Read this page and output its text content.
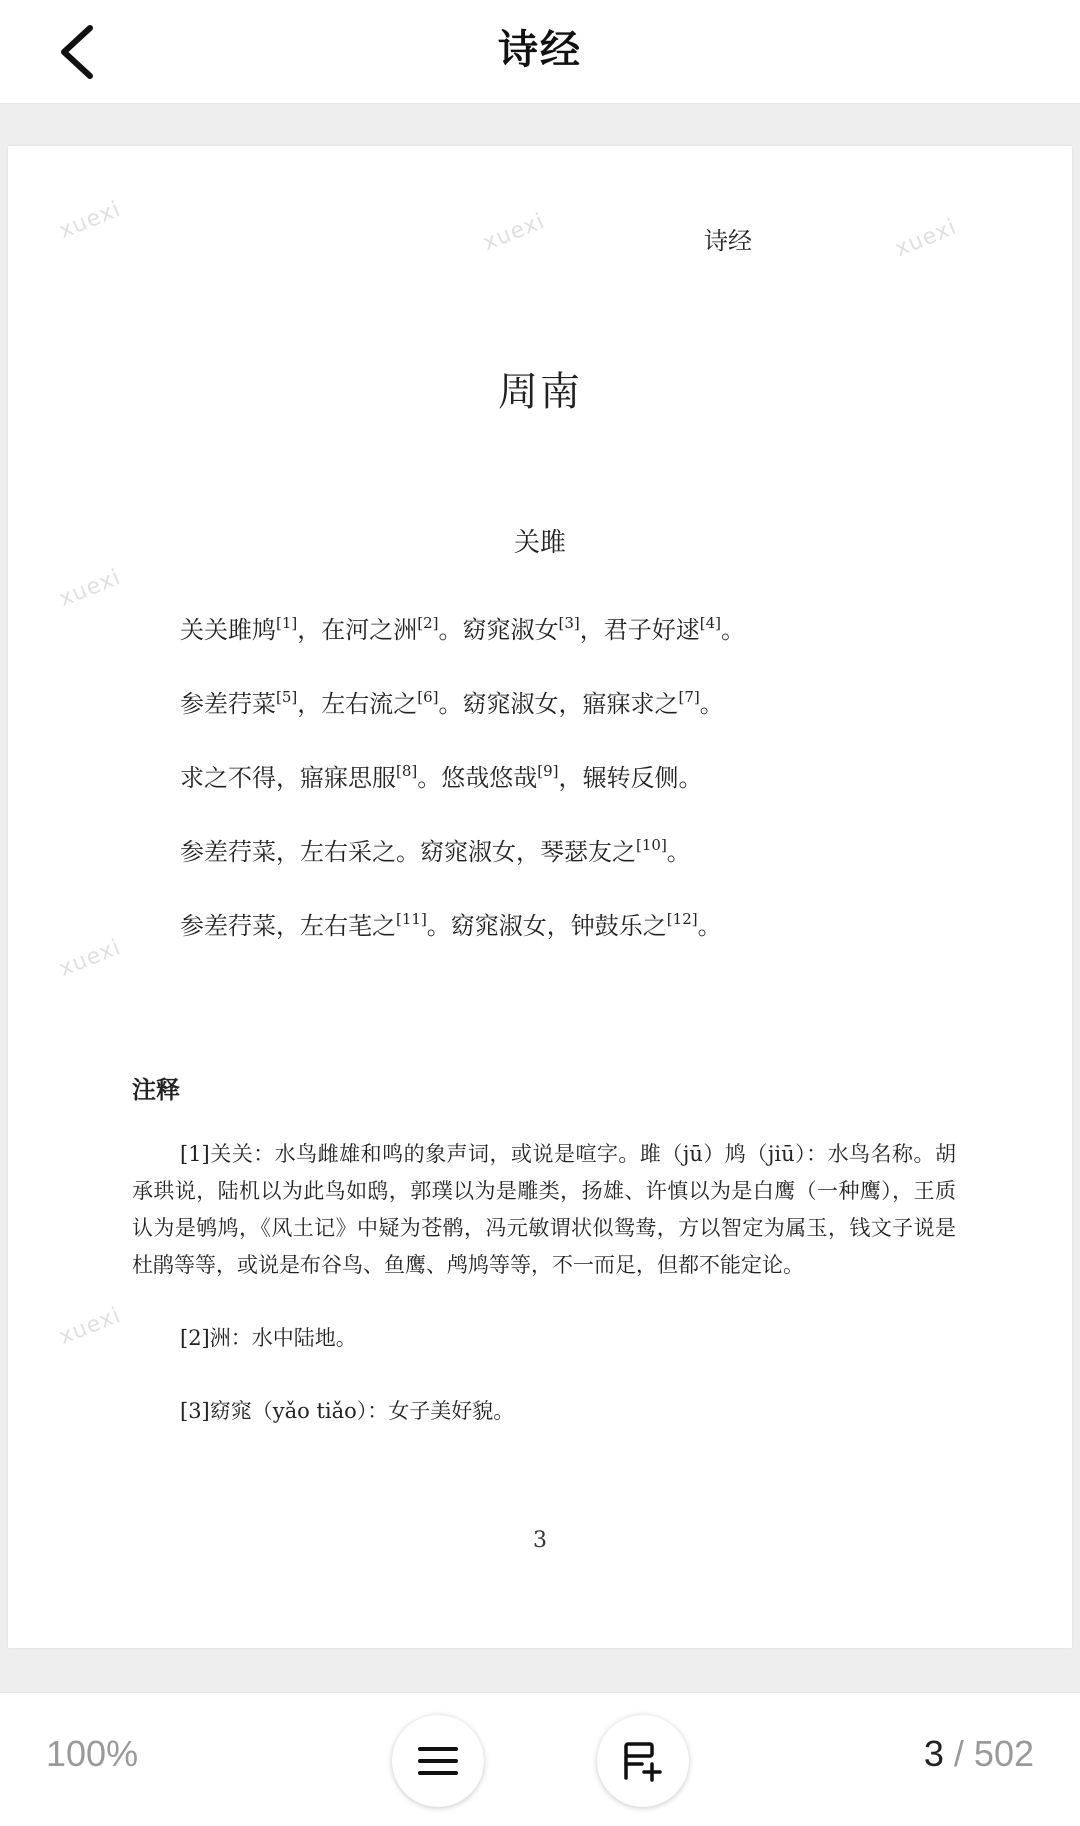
诗经
xuexi	xuexi	xuexi
xuexi
xuexi
xuexi
诗经
周南
关雎
关关雎鸠[1]，在河之洲[2]。窈窕淑女[3]，君子好逑[4]。
参差荇菜[5]，左右流之[6]。窈窕淑女，寤寐求之[7]。
求之不得，寤寐思服[8]。悠哉悠哉[9]，辗转反侧。
参差荇菜，左右采之。窈窕淑女，琴瑟友之[10]。
参差荇菜，左右芼之[11]。窈窕淑女，钟鼓乐之[12]。
注释

[1]关关：水鸟雌雄和鸣的象声词，或说是喧字。雎（jū）鸠（jiū）：水鸟名称。胡承珙说，陆机以为此鸟如鸱，郭璞以为是雕类，扬雄、许慎以为是白鹰（一种鹰），王质认为是鸲鸠，《风土记》中疑为苍鹘，冯元敏谓状似鸳鸯，方以智定为属玉，钱文子说是杜鹃等等，或说是布谷鸟、鱼鹰、鸬鸠等等，不一而足，但都不能定论。

[2]洲：水中陆地。

[3]窈窕（yǎo tiǎo）：女子美好貌。

3
100%	3 / 502
